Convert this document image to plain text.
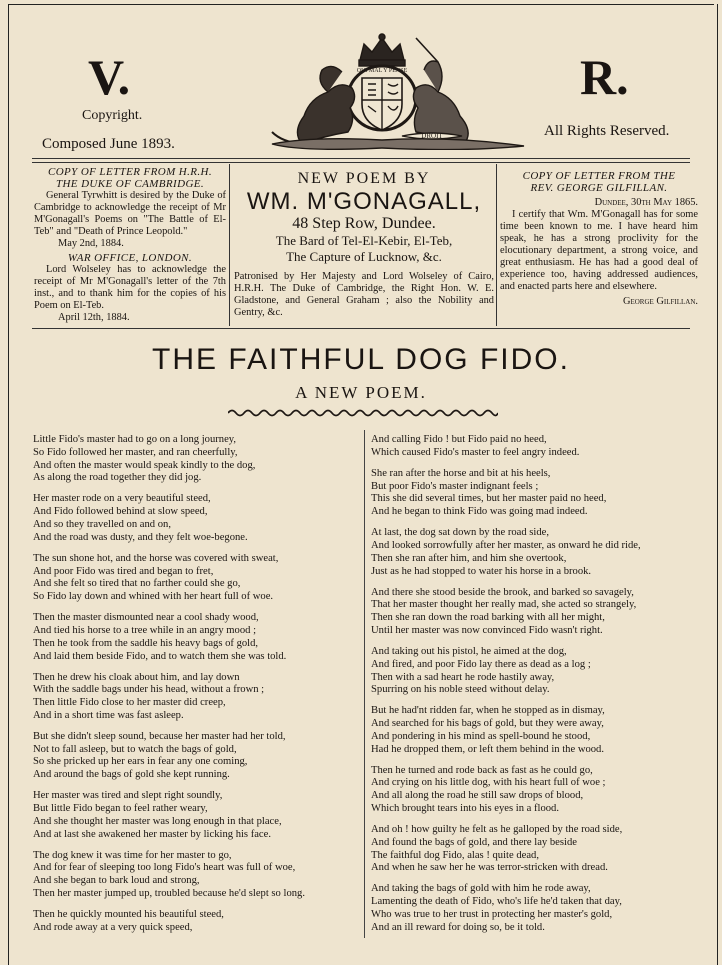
V.	R.
Copyright.
Composed June 1893.
All Rights Reserved.
QUI MAL Y PENSE
DROIT
COPY OF LETTER FROM H.R.H.
THE DUKE OF CAMBRIDGE.
General Tyrwhitt is desired by the Duke of Cambridge to acknowledge the receipt of Mr M'Gonagall's Poems on "The Battle of El-Teb" and "Death of Prince Leopold."
May 2nd, 1884.
WAR OFFICE, LONDON.
Lord Wolseley has to acknowledge the receipt of Mr M'Gonagall's letter of the 7th inst., and to thank him for the copies of his Poem on El-Teb.
April 12th, 1884.
NEW POEM BY
WM. M'GONAGALL,
48 Step Row, Dundee.
The Bard of Tel-El-Kebir, El-Teb,
The Capture of Lucknow, &c.
Patronised by Her Majesty and Lord Wolseley of Cairo, H.R.H. The Duke of Cambridge, the Right Hon. W. E. Gladstone, and General Graham ; also the Nobility and Gentry, &c.
COPY OF LETTER FROM THE
REV. GEORGE GILFILLAN.
Dundee, 30th May 1865.
I certify that Wm. M'Gonagall has for some time been known to me. I have heard him speak, he has a strong proclivity for the elocutionary department, a strong voice, and great enthusiasm. He has had a good deal of experience too, having addressed audiences, and enacted parts here and elsewhere.
George Gilfillan.
THE FAITHFUL DOG FIDO.
A NEW POEM.
Little Fido's master had to go on a long journey,
So Fido followed her master, and ran cheerfully,
And often the master would speak kindly to the dog,
As along the road together they did jog.
Her master rode on a very beautiful steed,
And Fido followed behind at slow speed,
And so they travelled on and on,
And the road was dusty, and they felt woe-begone.
The sun shone hot, and the horse was covered with sweat,
And poor Fido was tired and began to fret,
And she felt so tired that no farther could she go,
So Fido lay down and whined with her heart full of woe.
Then the master dismounted near a cool shady wood,
And tied his horse to a tree while in an angry mood ;
Then he took from the saddle his heavy bags of gold,
And laid them beside Fido, and to watch them she was told.
Then he drew his cloak about him, and lay down
With the saddle bags under his head, without a frown ;
Then little Fido close to her master did creep,
And in a short time was fast asleep.
But she didn't sleep sound, because her master had her told,
Not to fall asleep, but to watch the bags of gold,
So she pricked up her ears in fear any one coming,
And around the bags of gold she kept running.
Her master was tired and slept right soundly,
But little Fido began to feel rather weary,
And she thought her master was long enough in that place,
And at last she awakened her master by licking his face.
The dog knew it was time for her master to go,
And for fear of sleeping too long Fido's heart was full of woe,
And she began to bark loud and strong,
Then her master jumped up, troubled because he'd slept so long.
Then he quickly mounted his beautiful steed,
And rode away at a very quick speed,
And calling Fido ! but Fido paid no heed,
Which caused Fido's master to feel angry indeed.
She ran after the horse and bit at his heels,
But poor Fido's master indignant feels ;
This she did several times, but her master paid no heed,
And he began to think Fido was going mad indeed.
At last, the dog sat down by the road side,
And looked sorrowfully after her master, as onward he did ride,
Then she ran after him, and him she overtook,
Just as he had stopped to water his horse in a brook.
And there she stood beside the brook, and barked so savagely,
That her master thought her really mad, she acted so strangely,
Then she ran down the road barking with all her might,
Until her master was now convinced Fido wasn't right.
And taking out his pistol, he aimed at the dog,
And fired, and poor Fido lay there as dead as a log ;
Then with a sad heart he rode hastily away,
Spurring on his noble steed without delay.
But he had'nt ridden far, when he stopped as in dismay,
And searched for his bags of gold, but they were away,
And pondering in his mind as spell-bound he stood,
Had he dropped them, or left them behind in the wood.
Then he turned and rode back as fast as he could go,
And crying on his little dog, with his heart full of woe ;
And all along the road he still saw drops of blood,
Which brought tears into his eyes in a flood.
And oh ! how guilty he felt as he galloped by the road side,
And found the bags of gold, and there lay beside
The faithful dog Fido, alas ! quite dead,
And when he saw her he was terror-stricken with dread.
And taking the bags of gold with him he rode away,
Lamenting the death of Fido, who's life he'd taken that day,
Who was true to her trust in protecting her master's gold,
And an ill reward for doing so, be it told.
